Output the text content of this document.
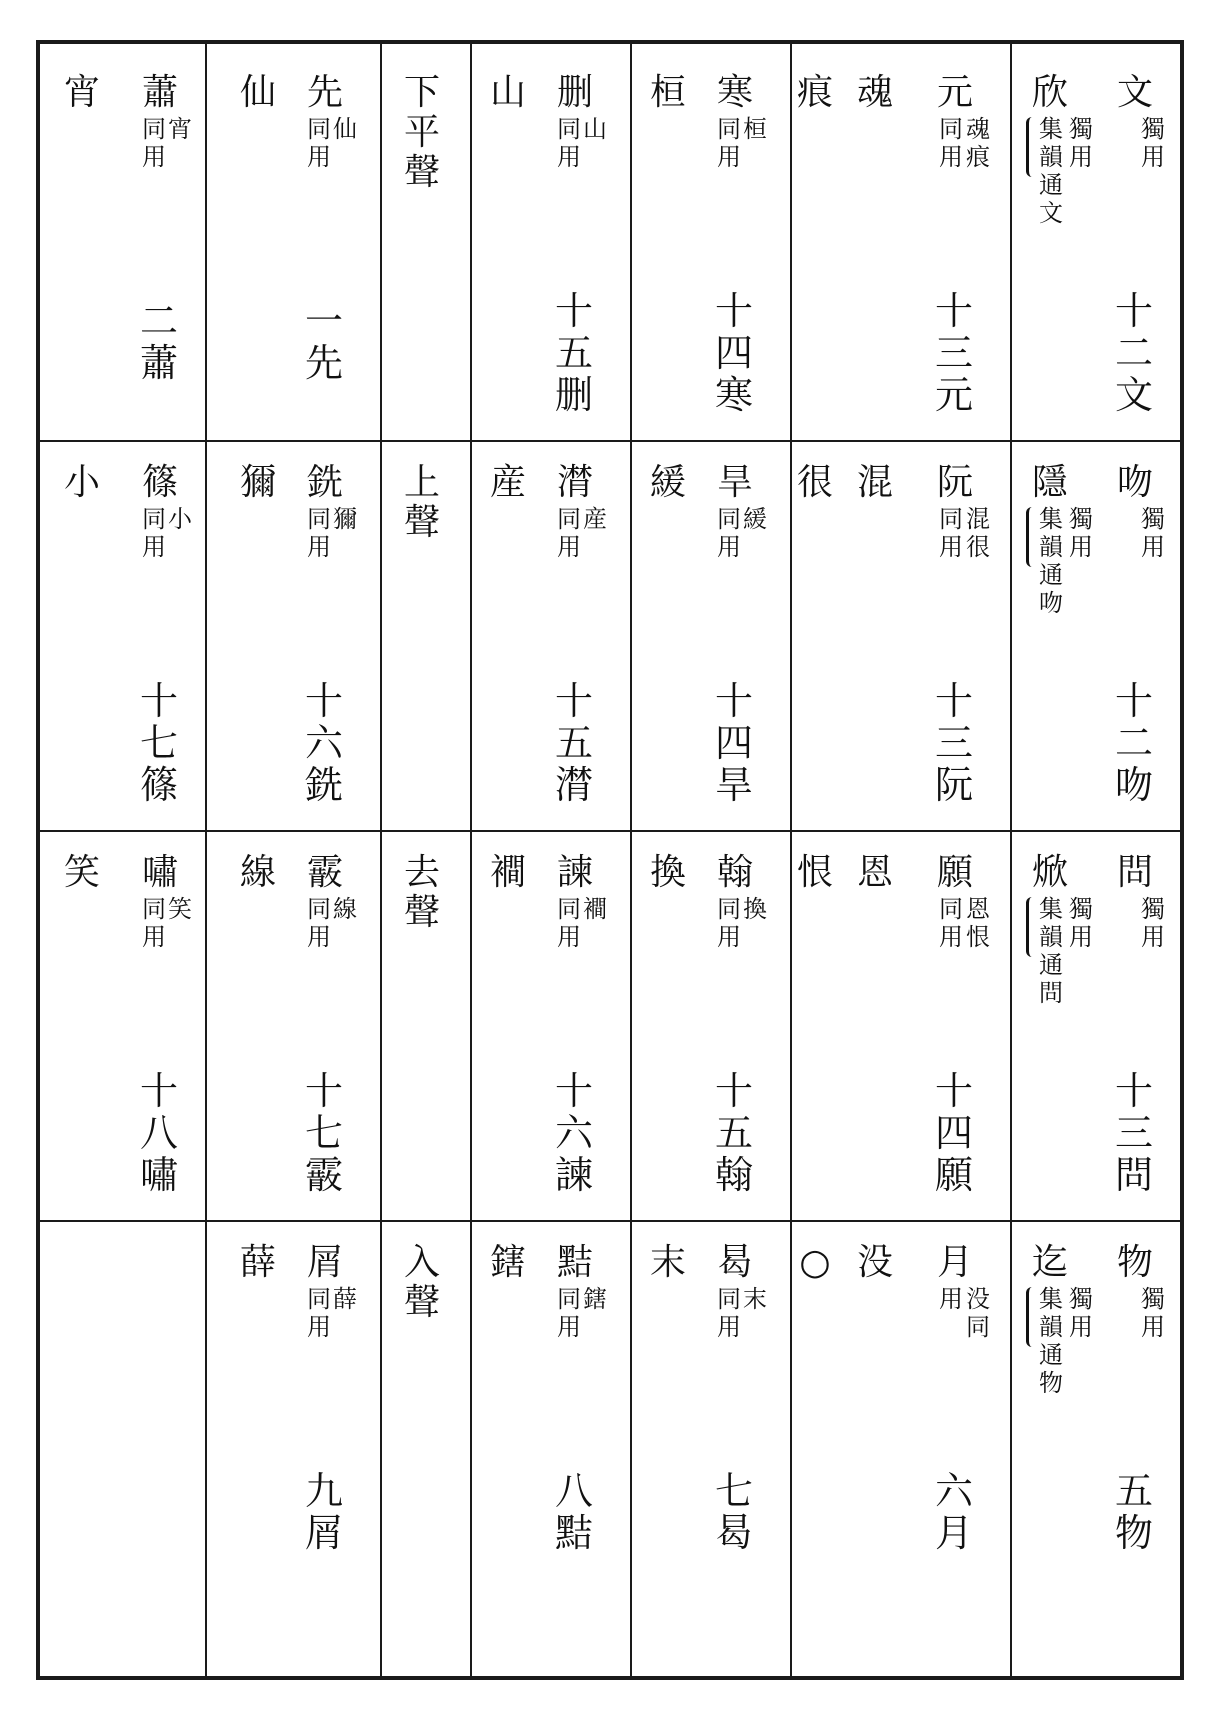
文
獨
用
十
二
文
吻
獨
用
十
二
吻
問
獨
用
十
三
問
物
獨
用
五
物
欣
獨
用
集
韻
通
文
隱
獨
用
集
韻
通
吻
焮
獨
用
集
韻
通
問
迄
獨
用
集
韻
通
物
元
魂
痕
同
用
十
三
元
阮
混
很
同
用
十
三
阮
願
恩
恨
同
用
十
四
願
月
没
同
用
六
月
魂
痕
混
很
恩
恨
没
○
寒
桓
同
用
十
四
寒
桓
旱
緩
同
用
十
四
旱
緩
翰
換
同
用
十
五
翰
換
曷
末
同
用
七
曷
末
删
山
同
用
十
五
删
山
潸
産
同
用
十
五
潸
産
諫
襇
同
用
十
六
諫
襇
黠
鎋
同
用
八
黠
鎋
下
平
聲
上
聲
去
聲
入
聲
先
仙
同
用
一
先
仙
銑
獮
同
用
十
六
銑
獮
霰
線
同
用
十
七
霰
線
屑
薛
同
用
九
屑
薛
蕭
宵
同
用
二
蕭
宵
篠
小
同
用
十
七
篠
小
嘯
笑
同
用
十
八
嘯
笑
